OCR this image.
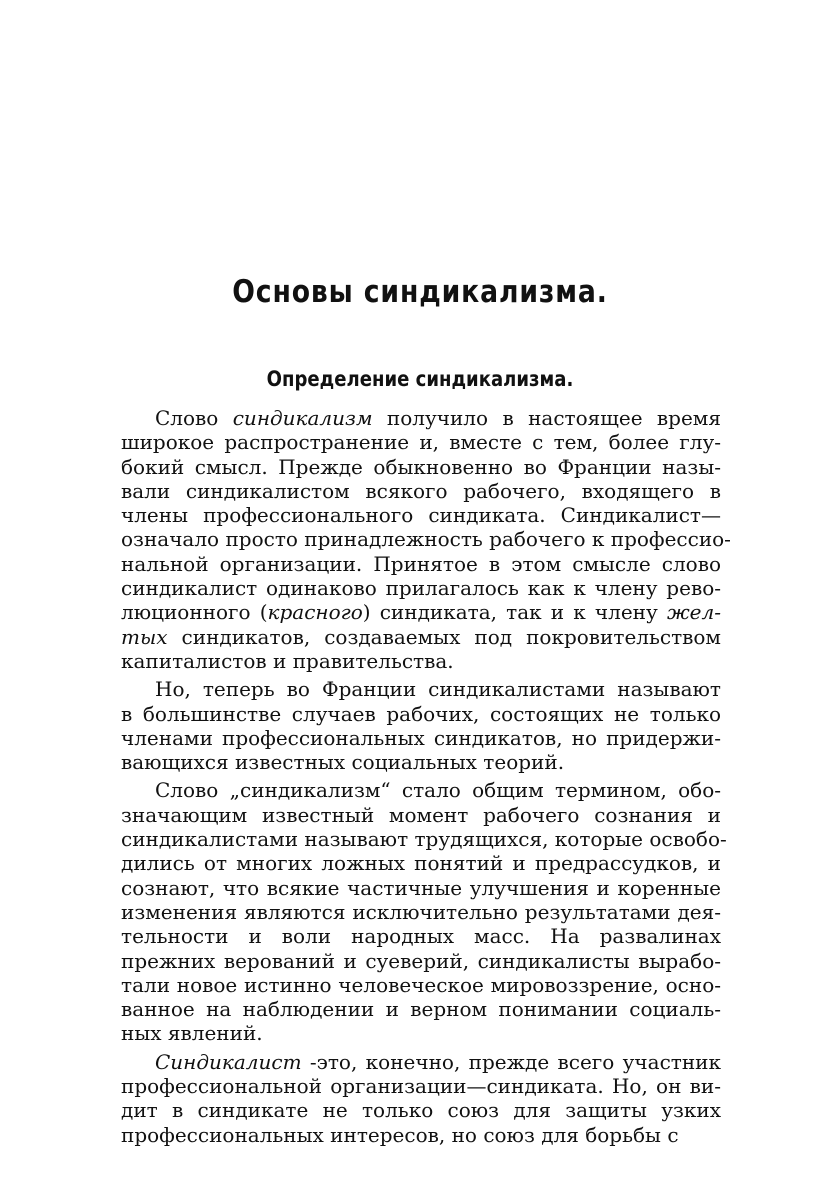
Основы синдикализма.
Определение синдикализма.
Слово синдикализм получило в настоящее время
широкое распространение и, вместе с тем, более глу-
бокий смысл. Прежде обыкновенно во Франции назы-
вали синдикалистом всякого рабочего, входящего в
члены профессионального синдиката. Синдикалист—
означало просто принадлежность рабочего к профессио-
нальной организации. Принятое в этом смысле слово
синдикалист одинаково прилагалось как к члену рево-
люционного (красного) синдиката, так и к члену жел-
тых синдикатов, создаваемых под покровительством
капиталистов и правительства.
Но, теперь во Франции синдикалистами называют
в большинстве случаев рабочих, состоящих не только
членами профессиональных синдикатов, но придержи-
вающихся известных социальных теорий.
Слово „синдикализм“ стало общим термином, обо-
значающим известный момент рабочего сознания и
синдикалистами называют трудящихся, которые освобо-
дились от многих ложных понятий и предрассудков, и
сознают, что всякие частичные улучшения и коренные
изменения являются исключительно результатами дея-
тельности и воли народных масс. На развалинах
прежних верований и суеверий, синдикалисты вырабо-
тали новое истинно человеческое мировоззрение, осно-
ванное на наблюдении и верном понимании социаль-
ных явлений.
Синдикалист -это, конечно, прежде всего участник
профессиональной организации—синдиката. Но, он ви-
дит в синдикате не только союз для защиты узких
профессиональных интересов, но союз для борьбы с
